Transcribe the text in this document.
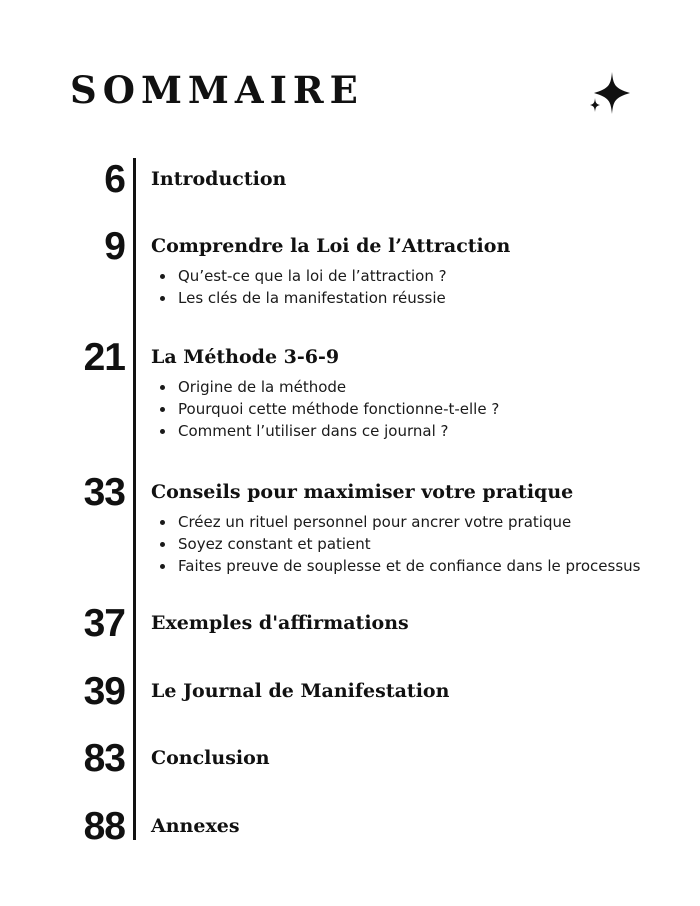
SOMMAIRE
6 Introduction
9 Comprendre la Loi de l’Attraction
Qu’est-ce que la loi de l’attraction ?
Les clés de la manifestation réussie
21 La Méthode 3-6-9
Origine de la méthode
Pourquoi cette méthode fonctionne-t-elle ?
Comment l’utiliser dans ce journal ?
33 Conseils pour maximiser votre pratique
Créez un rituel personnel pour ancrer votre pratique
Soyez constant et patient
Faites preuve de souplesse et de confiance dans le processus
37 Exemples d'affirmations
39 Le Journal de Manifestation
83 Conclusion
88 Annexes
